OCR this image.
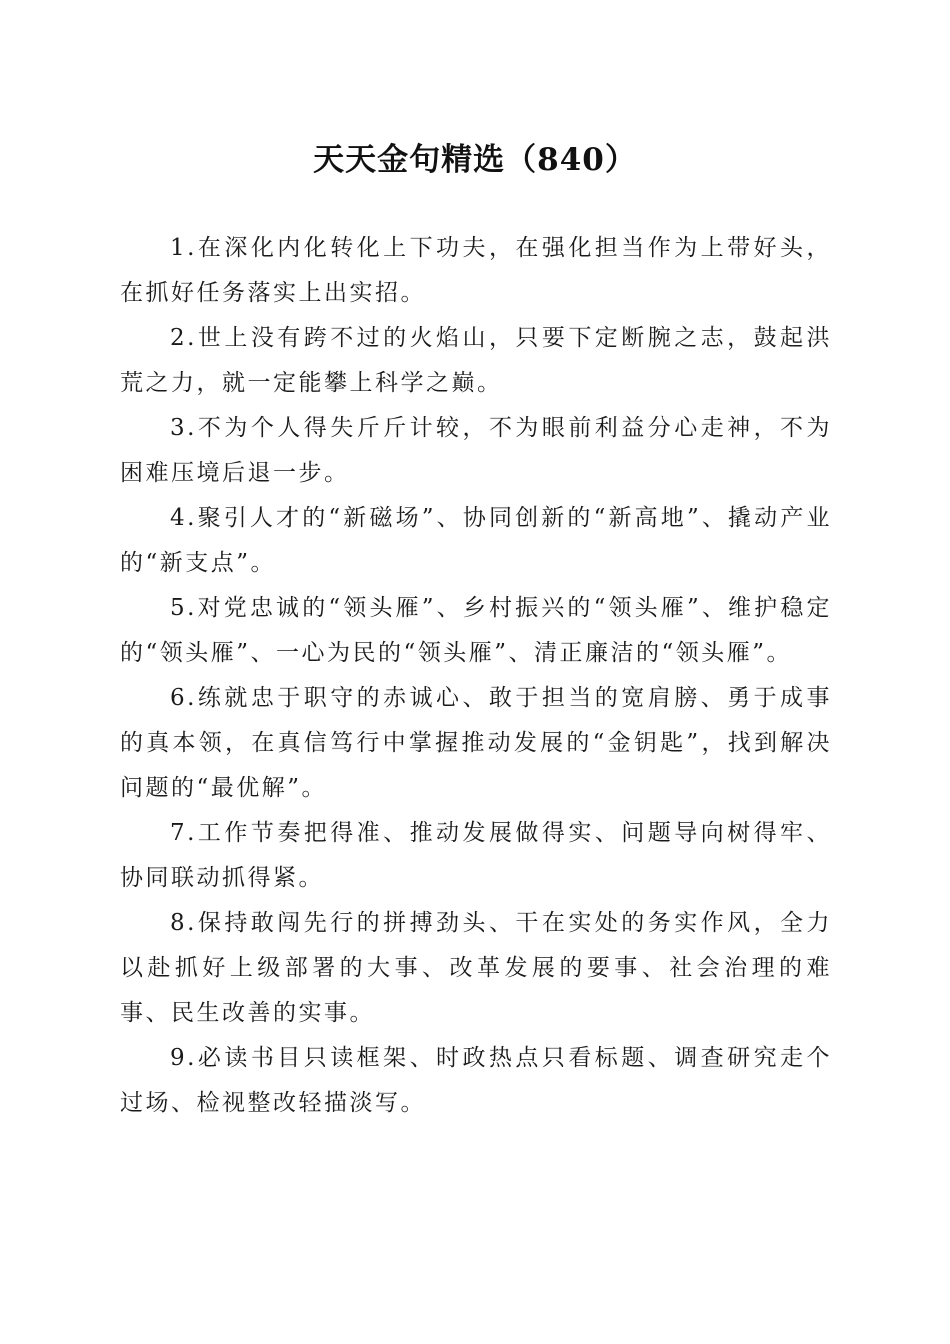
天天金句精选（840）

1.在深化内化转化上下功夫，在强化担当作为上带好头，在抓好任务落实上出实招。

2.世上没有跨不过的火焰山，只要下定断腕之志，鼓起洪荒之力，就一定能攀上科学之巅。

3.不为个人得失斤斤计较，不为眼前利益分心走神，不为困难压境后退一步。

4.聚引人才的“新磁场”、协同创新的“新高地”、撬动产业的“新支点”。

5.对党忠诚的“领头雁”、乡村振兴的“领头雁”、维护稳定的“领头雁”、一心为民的“领头雁”、清正廉洁的“领头雁”。

6.练就忠于职守的赤诚心、敢于担当的宽肩膀、勇于成事的真本领，在真信笃行中掌握推动发展的“金钥匙”，找到解决问题的“最优解”。

7.工作节奏把得准、推动发展做得实、问题导向树得牢、协同联动抓得紧。

8.保持敢闯先行的拼搏劲头、干在实处的务实作风，全力以赴抓好上级部署的大事、改革发展的要事、社会治理的难事、民生改善的实事。

9.必读书目只读框架、时政热点只看标题、调查研究走个过场、检视整改轻描淡写。
